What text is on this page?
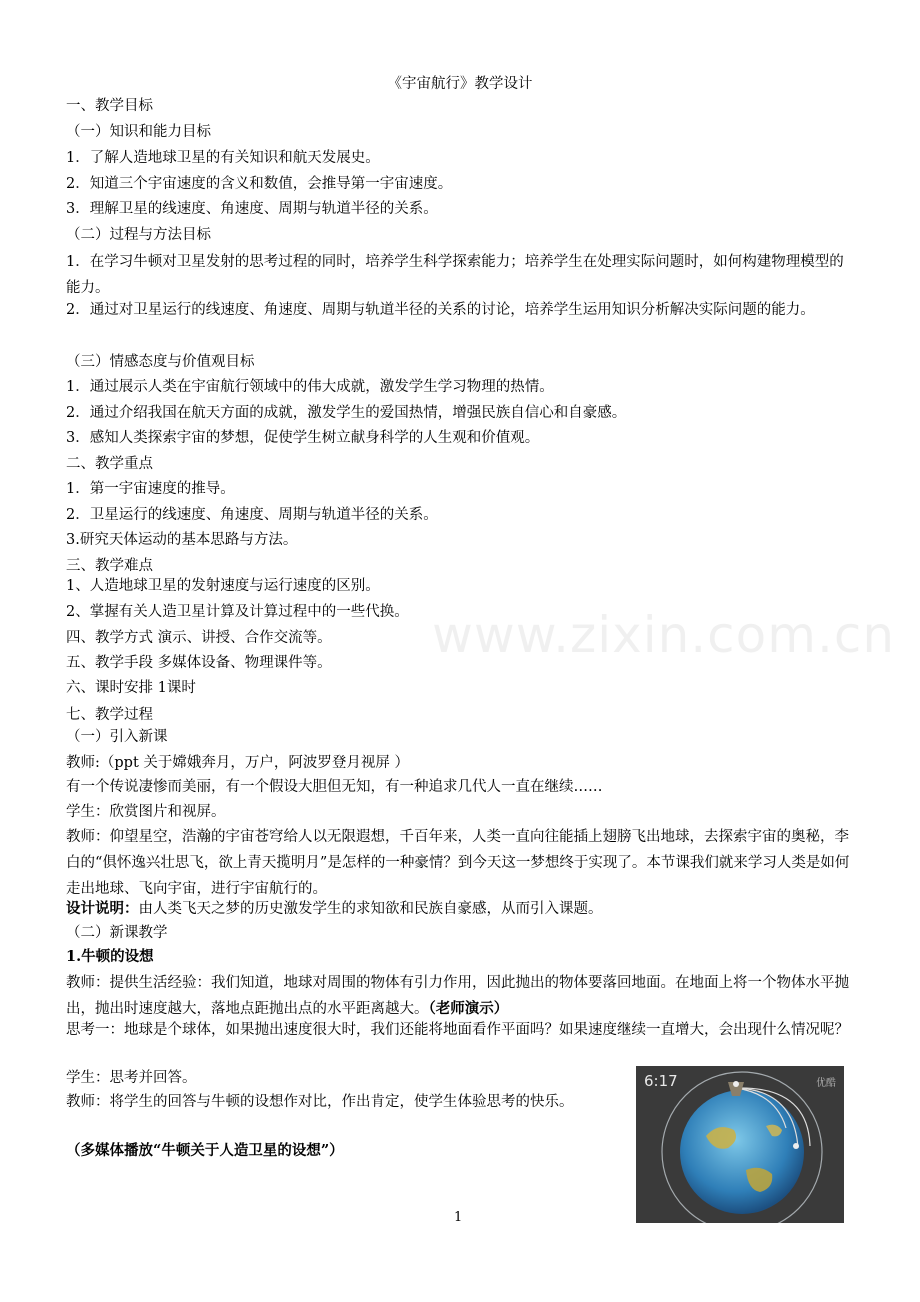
《宇宙航行》教学设计
一、教学目标
（一）知识和能力目标
1．了解人造地球卫星的有关知识和航天发展史。
2．知道三个宇宙速度的含义和数值，会推导第一宇宙速度。
3．理解卫星的线速度、角速度、周期与轨道半径的关系。
（二）过程与方法目标
1．在学习牛顿对卫星发射的思考过程的同时，培养学生科学探索能力；培养学生在处理实际问题时，如何构建物理模型的能力。
2．通过对卫星运行的线速度、角速度、周期与轨道半径的关系的讨论，培养学生运用知识分析解决实际问题的能力。
（三）情感态度与价值观目标
1．通过展示人类在宇宙航行领域中的伟大成就，激发学生学习物理的热情。
2．通过介绍我国在航天方面的成就，激发学生的爱国热情，增强民族自信心和自豪感。
3．感知人类探索宇宙的梦想，促使学生树立献身科学的人生观和价值观。
二、教学重点
1．第一宇宙速度的推导。
2．卫星运行的线速度、角速度、周期与轨道半径的关系。
3.研究天体运动的基本思路与方法。
三、教学难点
1、人造地球卫星的发射速度与运行速度的区别。
2、掌握有关人造卫星计算及计算过程中的一些代换。
四、教学方式 演示、讲授、合作交流等。
五、教学手段 多媒体设备、物理课件等。
六、课时安排 1课时
七、教学过程
（一）引入新课
教师:（ppt 关于嫦娥奔月，万户，阿波罗登月视屏 ）
有一个传说凄惨而美丽，有一个假设大胆但无知，有一种追求几代人一直在继续……
学生：欣赏图片和视屏。
教师：仰望星空，浩瀚的宇宙苍穹给人以无限遐想，千百年来，人类一直向往能插上翅膀飞出地球，去探索宇宙的奥秘，李白的“俱怀逸兴壮思飞，欲上青天揽明月”是怎样的一种豪情？到今天这一梦想终于实现了。本节课我们就来学习人类是如何走出地球、飞向宇宙，进行宇宙航行的。
设计说明：由人类飞天之梦的历史激发学生的求知欲和民族自豪感，从而引入课题。
（二）新课教学
1.牛顿的设想
教师：提供生活经验：我们知道，地球对周围的物体有引力作用，因此抛出的物体要落回地面。在地面上将一个物体水平抛出，抛出时速度越大，落地点距抛出点的水平距离越大。（老师演示）
思考一：地球是个球体，如果抛出速度很大时，我们还能将地面看作平面吗？如果速度继续一直增大，会出现什么情况呢？
学生：思考并回答。
教师：将学生的回答与牛顿的设想作对比，作出肯定，使学生体验思考的快乐。
（多媒体播放“牛顿关于人造卫星的设想”）
www.zixin.com.cn
6:17	优酷
1
